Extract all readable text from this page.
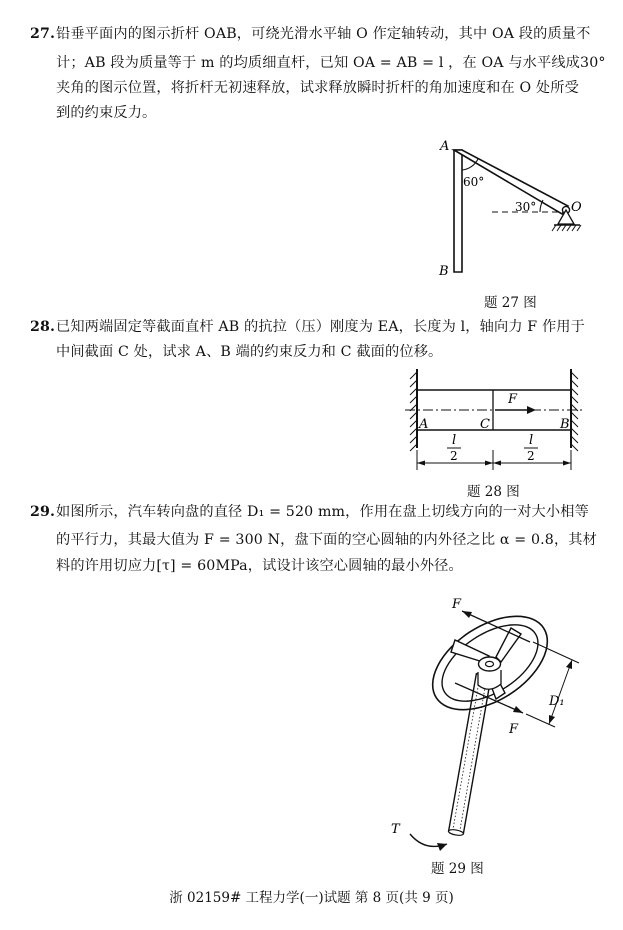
27. 铅垂平面内的图示折杆 OAB，可绕光滑水平轴 O 作定轴转动，其中 OA 段的质量不
计；AB 段为质量等于 m 的均质细直杆，已知 OA = AB = l ，在 OA 与水平线成30°
夹角的图示位置，将折杆无初速释放，试求释放瞬时折杆的角加速度和在 O 处所受
到的约束反力。
A
B
O
60°
30°
题 27 图
28. 已知两端固定等截面直杆 AB 的抗拉（压）刚度为 EA，长度为 l，轴向力 F 作用于
中间截面 C 处，试求 A、B 端的约束反力和 C 截面的位移。
F
A	C	B
l
2
l
2
题 28 图
29. 如图所示，汽车转向盘的直径 D₁ = 520 mm，作用在盘上切线方向的一对大小相等
的平行力，其最大值为 F = 300 N，盘下面的空心圆轴的内外径之比 α = 0.8，其材
料的许用切应力[τ] = 60MPa，试设计该空心圆轴的最小外径。
F
F
D₁
T
题 29 图
浙 02159# 工程力学(一)试题 第 8 页(共 9 页)
